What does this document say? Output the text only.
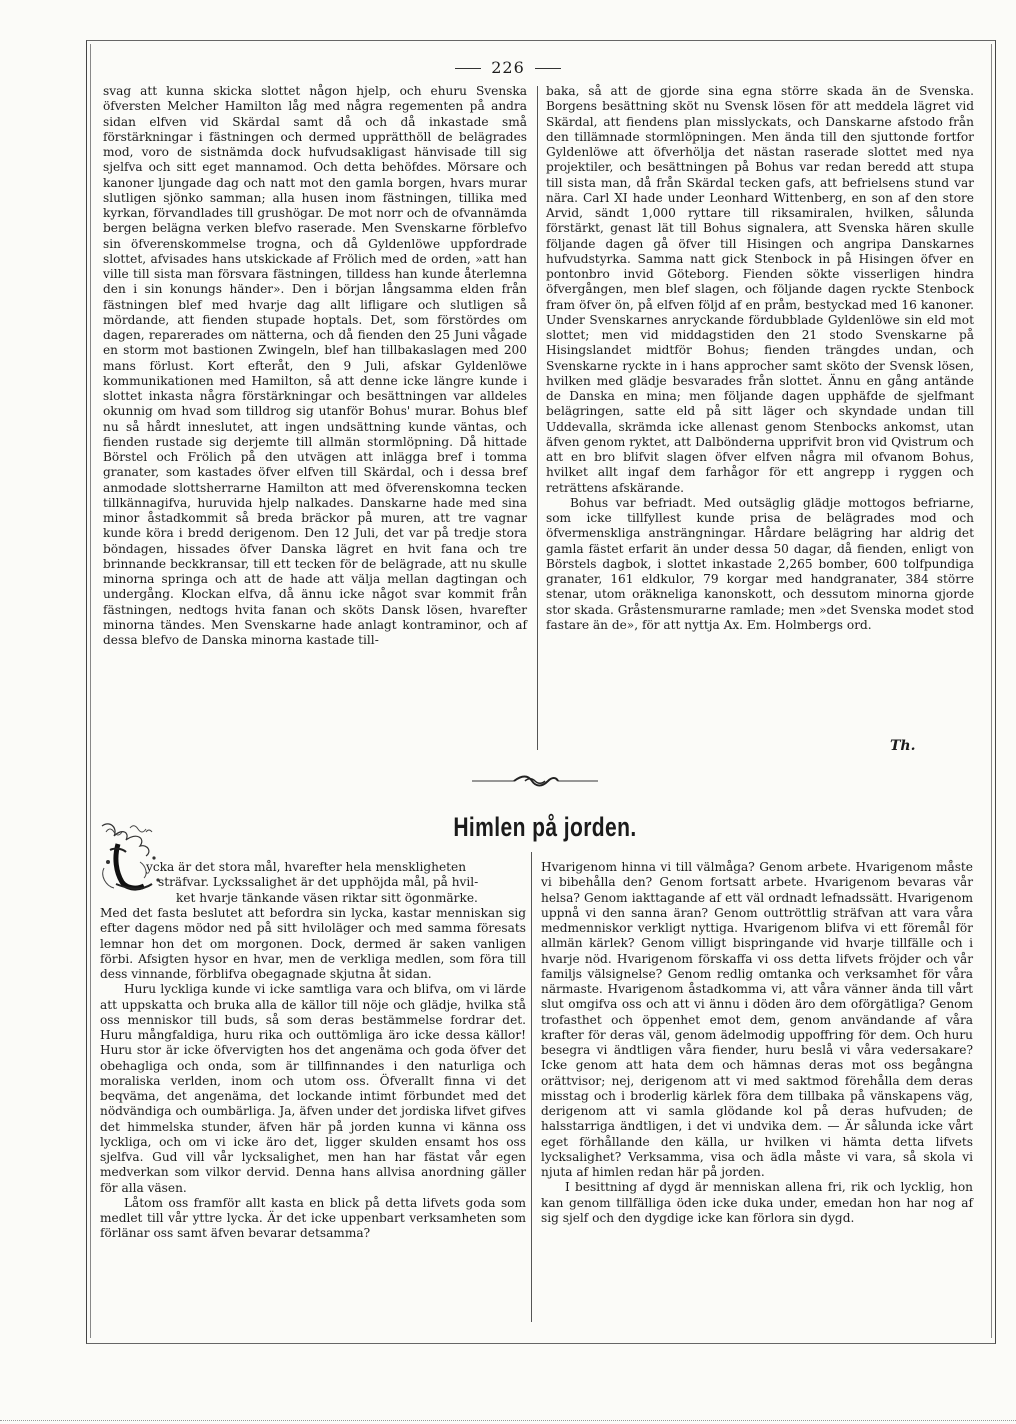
226

svag att kunna skicka slottet någon hjelp, och ehuru Svenska öfversten Melcher Hamilton låg med några regementen på andra sidan elfven vid Skärdal samt då och då inkastade små förstärkningar i fästningen och dermed upprätthöll de belägrades mod, voro de sistnämda dock hufvudsakligast hänvisade till sig sjelfva och sitt eget mannamod. Och detta behöfdes. Mörsare och kanoner ljungade dag och natt mot den gamla borgen, hvars murar slutligen sjönko samman; alla husen inom fästningen, tillika med kyrkan, förvandlades till grushögar. De mot norr och de ofvannämda bergen belägna verken blefvo raserade. Men Svenskarne förblefvo sin öfverenskommelse trogna, och då Gyldenlöwe uppfordrade slottet, afvisades hans utskickade af Frölich med de orden, »att han ville till sista man försvara fästningen, tilldess han kunde återlemna den i sin konungs händer». Den i början långsamma elden från fästningen blef med hvarje dag allt lifligare och slutligen så mördande, att fienden stupade hoptals. Det, som förstördes om dagen, reparerades om nätterna, och då fienden den 25 Juni vågade en storm mot bastionen Zwingeln, blef han tillbakaslagen med 200 mans förlust. Kort efteråt, den 9 Juli, afskar Gyldenlöwe kommunikationen med Hamilton, så att denne icke längre kunde i slottet inkasta några förstärkningar och besättningen var alldeles okunnig om hvad som tilldrog sig utanför Bohus' murar. Bohus blef nu så hårdt inneslutet, att ingen undsättning kunde väntas, och fienden rustade sig derjemte till allmän stormlöpning. Då hittade Börstel och Frölich på den utvägen att inlägga bref i tomma granater, som kastades öfver elfven till Skärdal, och i dessa bref anmodade slottsherrarne Hamilton att med öfverenskomna tecken tillkännagifva, huruvida hjelp nalkades. Danskarne hade med sina minor åstadkommit så breda bräckor på muren, att tre vagnar kunde köra i bredd derigenom. Den 12 Juli, det var på tredje stora böndagen, hissades öfver Danska lägret en hvit fana och tre brinnande beckkransar, till ett tecken för de belägrade, att nu skulle minorna springa och att de hade att välja mellan dagtingan och undergång. Klockan elfva, då ännu icke något svar kommit från fästningen, nedtogs hvita fanan och sköts Dansk lösen, hvarefter minorna tändes. Men Svenskarne hade anlagt kontraminor, och af dessa blefvo de Danska minorna kastade till-

baka, så att de gjorde sina egna större skada än de Svenska. Borgens besättning sköt nu Svensk lösen för att meddela lägret vid Skärdal, att fiendens plan misslyckats, och Danskarne afstodo från den tillämnade stormlöpningen. Men ända till den sjuttonde fortfor Gyldenlöwe att öfverhölja det nästan raserade slottet med nya projektiler, och besättningen på Bohus var redan beredd att stupa till sista man, då från Skärdal tecken gafs, att befrielsens stund var nära. Carl XI hade under Leonhard Wittenberg, en son af den store Arvid, sändt 1,000 ryttare till riksamiralen, hvilken, sålunda förstärkt, genast lät till Bohus signalera, att Svenska hären skulle följande dagen gå öfver till Hisingen och angripa Danskarnes hufvudstyrka. Samma natt gick Stenbock in på Hisingen öfver en pontonbro invid Göteborg. Fienden sökte visserligen hindra öfvergången, men blef slagen, och följande dagen ryckte Stenbock fram öfver ön, på elfven följd af en pråm, bestyckad med 16 kanoner. Under Svenskarnes anryckande fördubblade Gyldenlöwe sin eld mot slottet; men vid middagstiden den 21 stodo Svenskarne på Hisingslandet midtför Bohus; fienden trängdes undan, och Svenskarne ryckte in i hans approcher samt sköto der Svensk lösen, hvilken med glädje besvarades från slottet. Ännu en gång antände de Danska en mina; men följande dagen upphäfde de sjelfmant belägringen, satte eld på sitt läger och skyndade undan till Uddevalla, skrämda icke allenast genom Stenbocks ankomst, utan äfven genom ryktet, att Dalbönderna upprifvit bron vid Qvistrum och att en bro blifvit slagen öfver elfven några mil ofvanom Bohus, hvilket allt ingaf dem farhågor för ett angrepp i ryggen och reträttens afskärande.

Bohus var befriadt. Med outsäglig glädje mottogos befriarne, som icke tillfyllest kunde prisa de belägrades mod och öfvermenskliga ansträngningar. Hårdare belägring har aldrig det gamla fästet erfarit än under dessa 50 dagar, då fienden, enligt von Börstels dagbok, i slottet inkastade 2,265 bomber, 600 tolfpundiga granater, 161 eldkulor, 79 korgar med handgranater, 384 större stenar, utom oräkneliga kanonskott, och dessutom minorna gjorde stor skada. Gråstensmurarne ramlade; men »det Svenska modet stod fastare än de», för att nyttja Ax. Em. Holmbergs ord.

Th.
Himlen på jorden.
ycka är det stora mål, hvarefter hela menskligheten
sträfvar. Lyckssalighet är det upphöjda mål, på hvil-
ket hvarje tänkande väsen riktar sitt ögonmärke.

Med det fasta beslutet att befordra sin lycka, kastar menniskan sig efter dagens mödor ned på sitt hviloläger och med samma föresats lemnar hon det om morgonen. Dock, dermed är saken vanligen förbi. Afsigten hysor en hvar, men de verkliga medlen, som föra till dess vinnande, förblifva obegagnade skjutna åt sidan.

Huru lyckliga kunde vi icke samtliga vara och blifva, om vi lärde att uppskatta och bruka alla de källor till nöje och glädje, hvilka stå oss menniskor till buds, så som deras bestämmelse fordrar det. Huru mångfaldiga, huru rika och outtömliga äro icke dessa källor! Huru stor är icke öfvervigten hos det angenäma och goda öfver det obehagliga och onda, som är tillfinnandes i den naturliga och moraliska verlden, inom och utom oss. Öfverallt finna vi det beqväma, det angenäma, det lockande intimt förbundet med det nödvändiga och oumbärliga. Ja, äfven under det jordiska lifvet gifves det himmelska stunder, äfven här på jorden kunna vi känna oss lyckliga, och om vi icke äro det, ligger skulden ensamt hos oss sjelfva. Gud vill vår lycksalighet, men han har fästat vår egen medverkan som vilkor dervid. Denna hans allvisa anordning gäller för alla väsen.

Låtom oss framför allt kasta en blick på detta lifvets goda som medlet till vår yttre lycka. Är det icke uppenbart verksamheten som förlänar oss samt äfven bevarar detsamma?

Hvarigenom hinna vi till välmåga? Genom arbete. Hvarigenom måste vi bibehålla den? Genom fortsatt arbete. Hvarigenom bevaras vår helsa? Genom iakttagande af ett väl ordnadt lefnadssätt. Hvarigenom uppnå vi den sanna äran? Genom outtröttlig sträfvan att vara våra medmenniskor verkligt nyttiga. Hvarigenom blifva vi ett föremål för allmän kärlek? Genom villigt bispringande vid hvarje tillfälle och i hvarje nöd. Hvarigenom förskaffa vi oss detta lifvets fröjder och vår familjs välsignelse? Genom redlig omtanka och verksamhet för våra närmaste. Hvarigenom åstadkomma vi, att våra vänner ända till vårt slut omgifva oss och att vi ännu i döden äro dem oförgätliga? Genom trofasthet och öppenhet emot dem, genom användande af våra krafter för deras väl, genom ädelmodig uppoffring för dem. Och huru besegra vi ändtligen våra fiender, huru beslå vi våra vedersakare? Icke genom att hata dem och hämnas deras mot oss begångna orättvisor; nej, derigenom att vi med saktmod förehålla dem deras misstag och i broderlig kärlek föra dem tillbaka på vänskapens väg, derigenom att vi samla glödande kol på deras hufvuden; de halsstarriga ändtligen, i det vi undvika dem. — Är sålunda icke vårt eget förhållande den källa, ur hvilken vi hämta detta lifvets lycksalighet? Verksamma, visa och ädla måste vi vara, så skola vi njuta af himlen redan här på jorden.

I besittning af dygd är menniskan allena fri, rik och lycklig, hon kan genom tillfälliga öden icke duka under, emedan hon har nog af sig sjelf och den dygdige icke kan förlora sin dygd.
